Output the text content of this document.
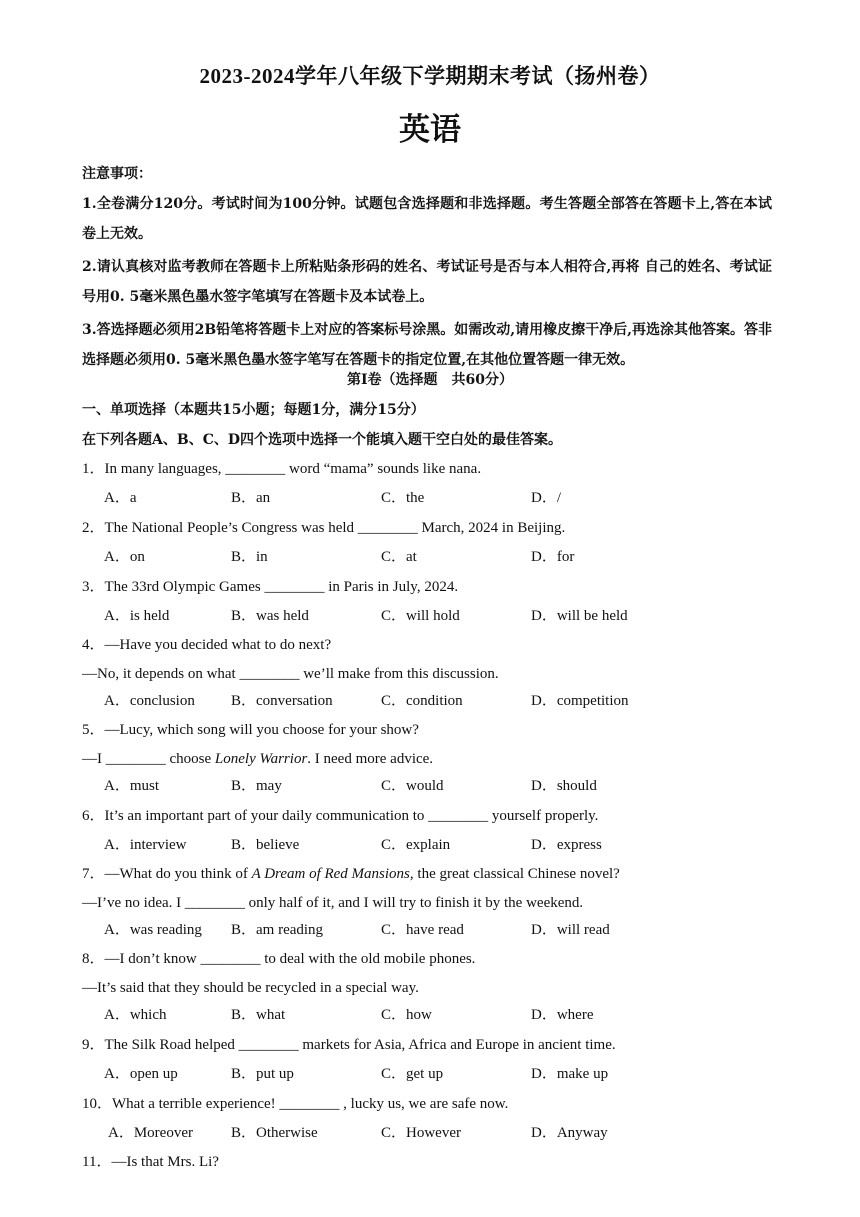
2023-2024学年八年级下学期期末考试（扬州卷）
英语
注意事项：
1.全卷满分120分。考试时间为100分钟。试题包含选择题和非选择题。考生答题全部答在答题卡上,答在本试卷上无效。
2.请认真核对监考教师在答题卡上所粘贴条形码的姓名、考试证号是否与本人相符合,再将 自己的姓名、考试证号用0. 5毫米黑色墨水签字笔填写在答题卡及本试卷上。
3.答选择题必须用2B铅笔将答题卡上对应的答案标号涂黑。如需改动,请用橡皮擦干净后,再选涂其他答案。答非选择题必须用0. 5毫米黑色墨水签字笔写在答题卡的指定位置,在其他位置答题一律无效。
第I卷（选择题　共60分）
一、单项选择（本题共15小题；每题1分，满分15分）
在下列各题A、B、C、D四个选项中选择一个能填入题干空白处的最佳答案。
1．In many languages, ________ word “mama” sounds like nana.
A．a	B．an	C．the	D．/
2．The National People’s Congress was held ________ March, 2024 in Beijing.
A．on	B．in	C．at	D．for
3．The 33rd Olympic Games ________ in Paris in July, 2024.
A．is held	B．was held	C．will hold	D．will be held
4．—Have you decided what to do next?
—No, it depends on what ________ we’ll make from this discussion.
A．conclusion B．conversation	C．condition	D．competition
5．—Lucy, which song will you choose for your show?
—I ________ choose Lonely Warrior. I need more advice.
A．must	B．may	C．would	D．should
6．It’s an important part of your daily communication to ________ yourself properly.
A．interview	B．believe	C．explain	D．express
7．—What do you think of A Dream of Red Mansions, the great classical Chinese novel?
—I’ve no idea. I ________ only half of it, and I will try to finish it by the weekend.
A．was reading B．am reading	C．have read	D．will read
8．—I don’t know ________ to deal with the old mobile phones.
—It’s said that they should be recycled in a special way.
A．which	B．what	C．how	D．where
9．The Silk Road helped ________ markets for Asia, Africa and Europe in ancient time.
A．open up	B．put up	C．get up	D．make up
10．What a terrible experience! ________ , lucky us, we are safe now.
A．Moreover	B．Otherwise	C．However	D．Anyway
11．—Is that Mrs. Li?
